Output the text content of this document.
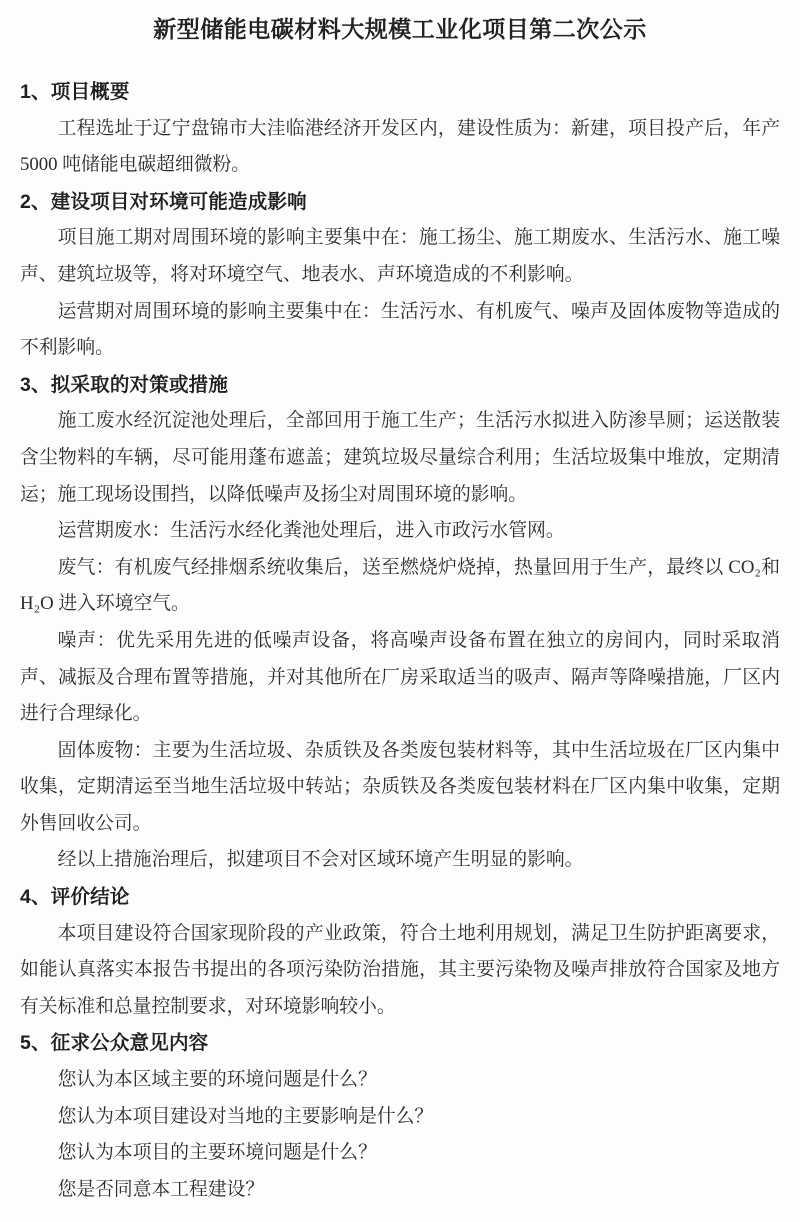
新型储能电碳材料大规模工业化项目第二次公示
1、项目概要

工程选址于辽宁盘锦市大洼临港经济开发区内，建设性质为：新建，项目投产后，年产5000 吨储能电碳超细微粉。

2、建设项目对环境可能造成影响

项目施工期对周围环境的影响主要集中在：施工扬尘、施工期废水、生活污水、施工噪声、建筑垃圾等，将对环境空气、地表水、声环境造成的不利影响。

运营期对周围环境的影响主要集中在：生活污水、有机废气、噪声及固体废物等造成的不利影响。

3、拟采取的对策或措施

施工废水经沉淀池处理后，全部回用于施工生产；生活污水拟进入防渗旱厕；运送散装含尘物料的车辆，尽可能用蓬布遮盖；建筑垃圾尽量综合利用；生活垃圾集中堆放，定期清运；施工现场设围挡，以降低噪声及扬尘对周围环境的影响。

运营期废水：生活污水经化粪池处理后，进入市政污水管网。

废气：有机废气经排烟系统收集后，送至燃烧炉烧掉，热量回用于生产，最终以 CO₂和 H₂O 进入环境空气。

噪声：优先采用先进的低噪声设备，将高噪声设备布置在独立的房间内，同时采取消声、减振及合理布置等措施，并对其他所在厂房采取适当的吸声、隔声等降噪措施，厂区内进行合理绿化。

固体废物：主要为生活垃圾、杂质铁及各类废包装材料等，其中生活垃圾在厂区内集中收集，定期清运至当地生活垃圾中转站；杂质铁及各类废包装材料在厂区内集中收集，定期外售回收公司。

经以上措施治理后，拟建项目不会对区域环境产生明显的影响。

4、评价结论

本项目建设符合国家现阶段的产业政策，符合土地利用规划，满足卫生防护距离要求，如能认真落实本报告书提出的各项污染防治措施，其主要污染物及噪声排放符合国家及地方有关标准和总量控制要求，对环境影响较小。

5、征求公众意见内容

您认为本区域主要的环境问题是什么？

您认为本项目建设对当地的主要影响是什么？

您认为本项目的主要环境问题是什么？

您是否同意本工程建设？
